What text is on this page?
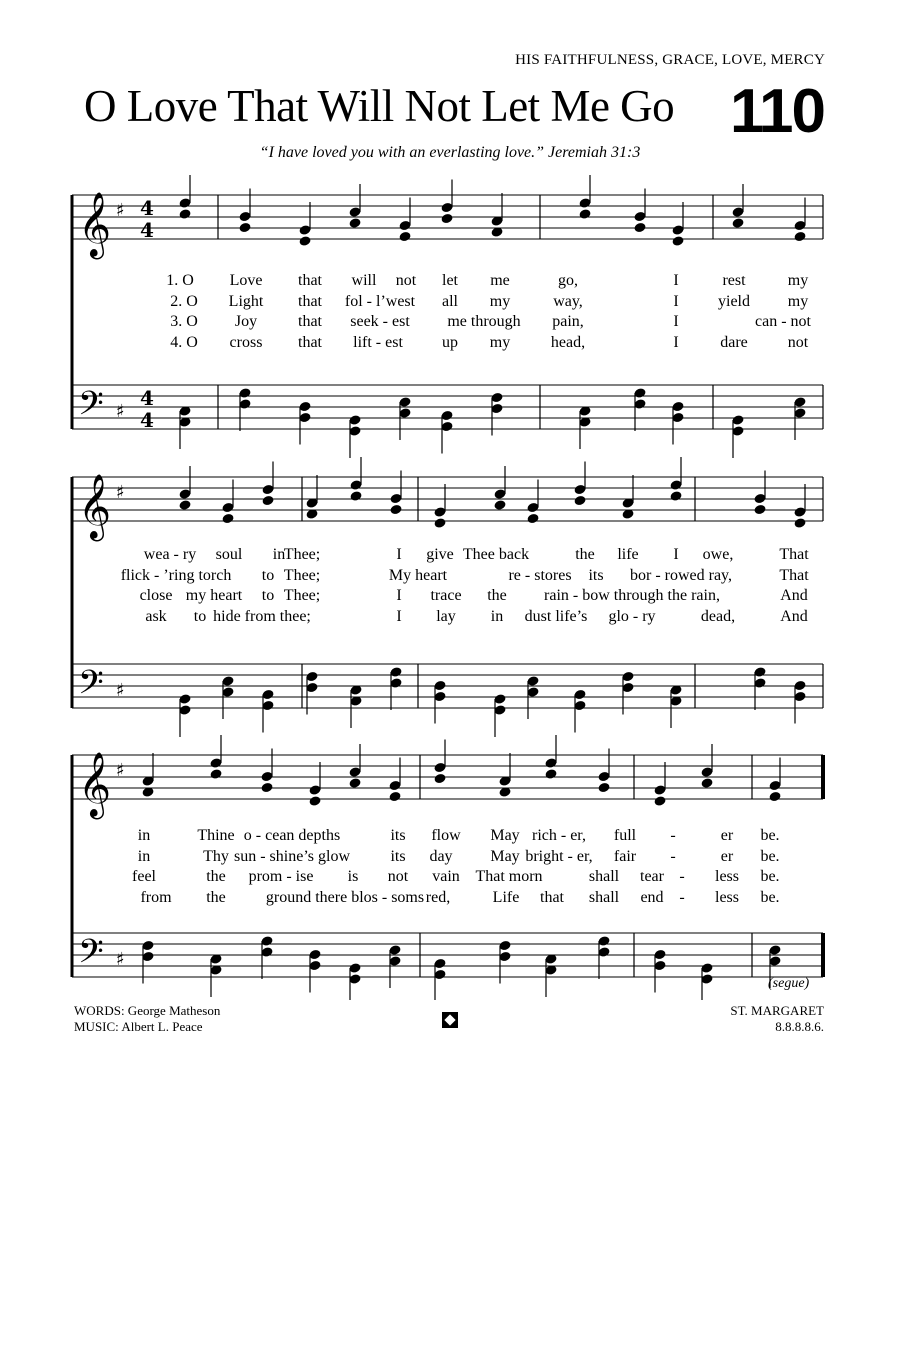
HIS FAITHFULNESS, GRACE, LOVE, MERCY
O Love That Will Not Let Me Go 110
“I have loved you with an everlasting love.” Jeremiah 31:3
𝄞 ♯ 4
4
𝄢 ♯
4
4
𝄞 ♯
𝄢 ♯
𝄞 ♯
𝄢 ♯
1. O Love that will not let me	go,	I	rest	my
2. O Light that fol - l’west all my	way,	I yield my
3. O Joy	that seek - est me through pain,	I	can - not
4. O cross that lift - est up my	head,	I	dare	not
wea - ry soul in
Thee;	I give Thee back	the life I owe,	That
flick - ’ring torch to Thee;	My heart	re - stores its bor - rowed ray,	That
close my heart to Thee;	I trace the rain - bow through the rain,	And
ask to hide from thee;	I lay in dust life’s glo - ry	dead,	And
in	Thine o - cean depths	its flow May rich - er, full -	er be.
in	Thy sun - shine’s glow	its day May bright - er, fair -	er be.
feel	the prom - ise is not vain That morn	shall tear - less be.
from the	ground there blos - soms red,	Life that shall end - less be.
(segue)
WORDS: George Matheson
MUSIC: Albert L. Peace
ST. MARGARET
8.8.8.8.6.
